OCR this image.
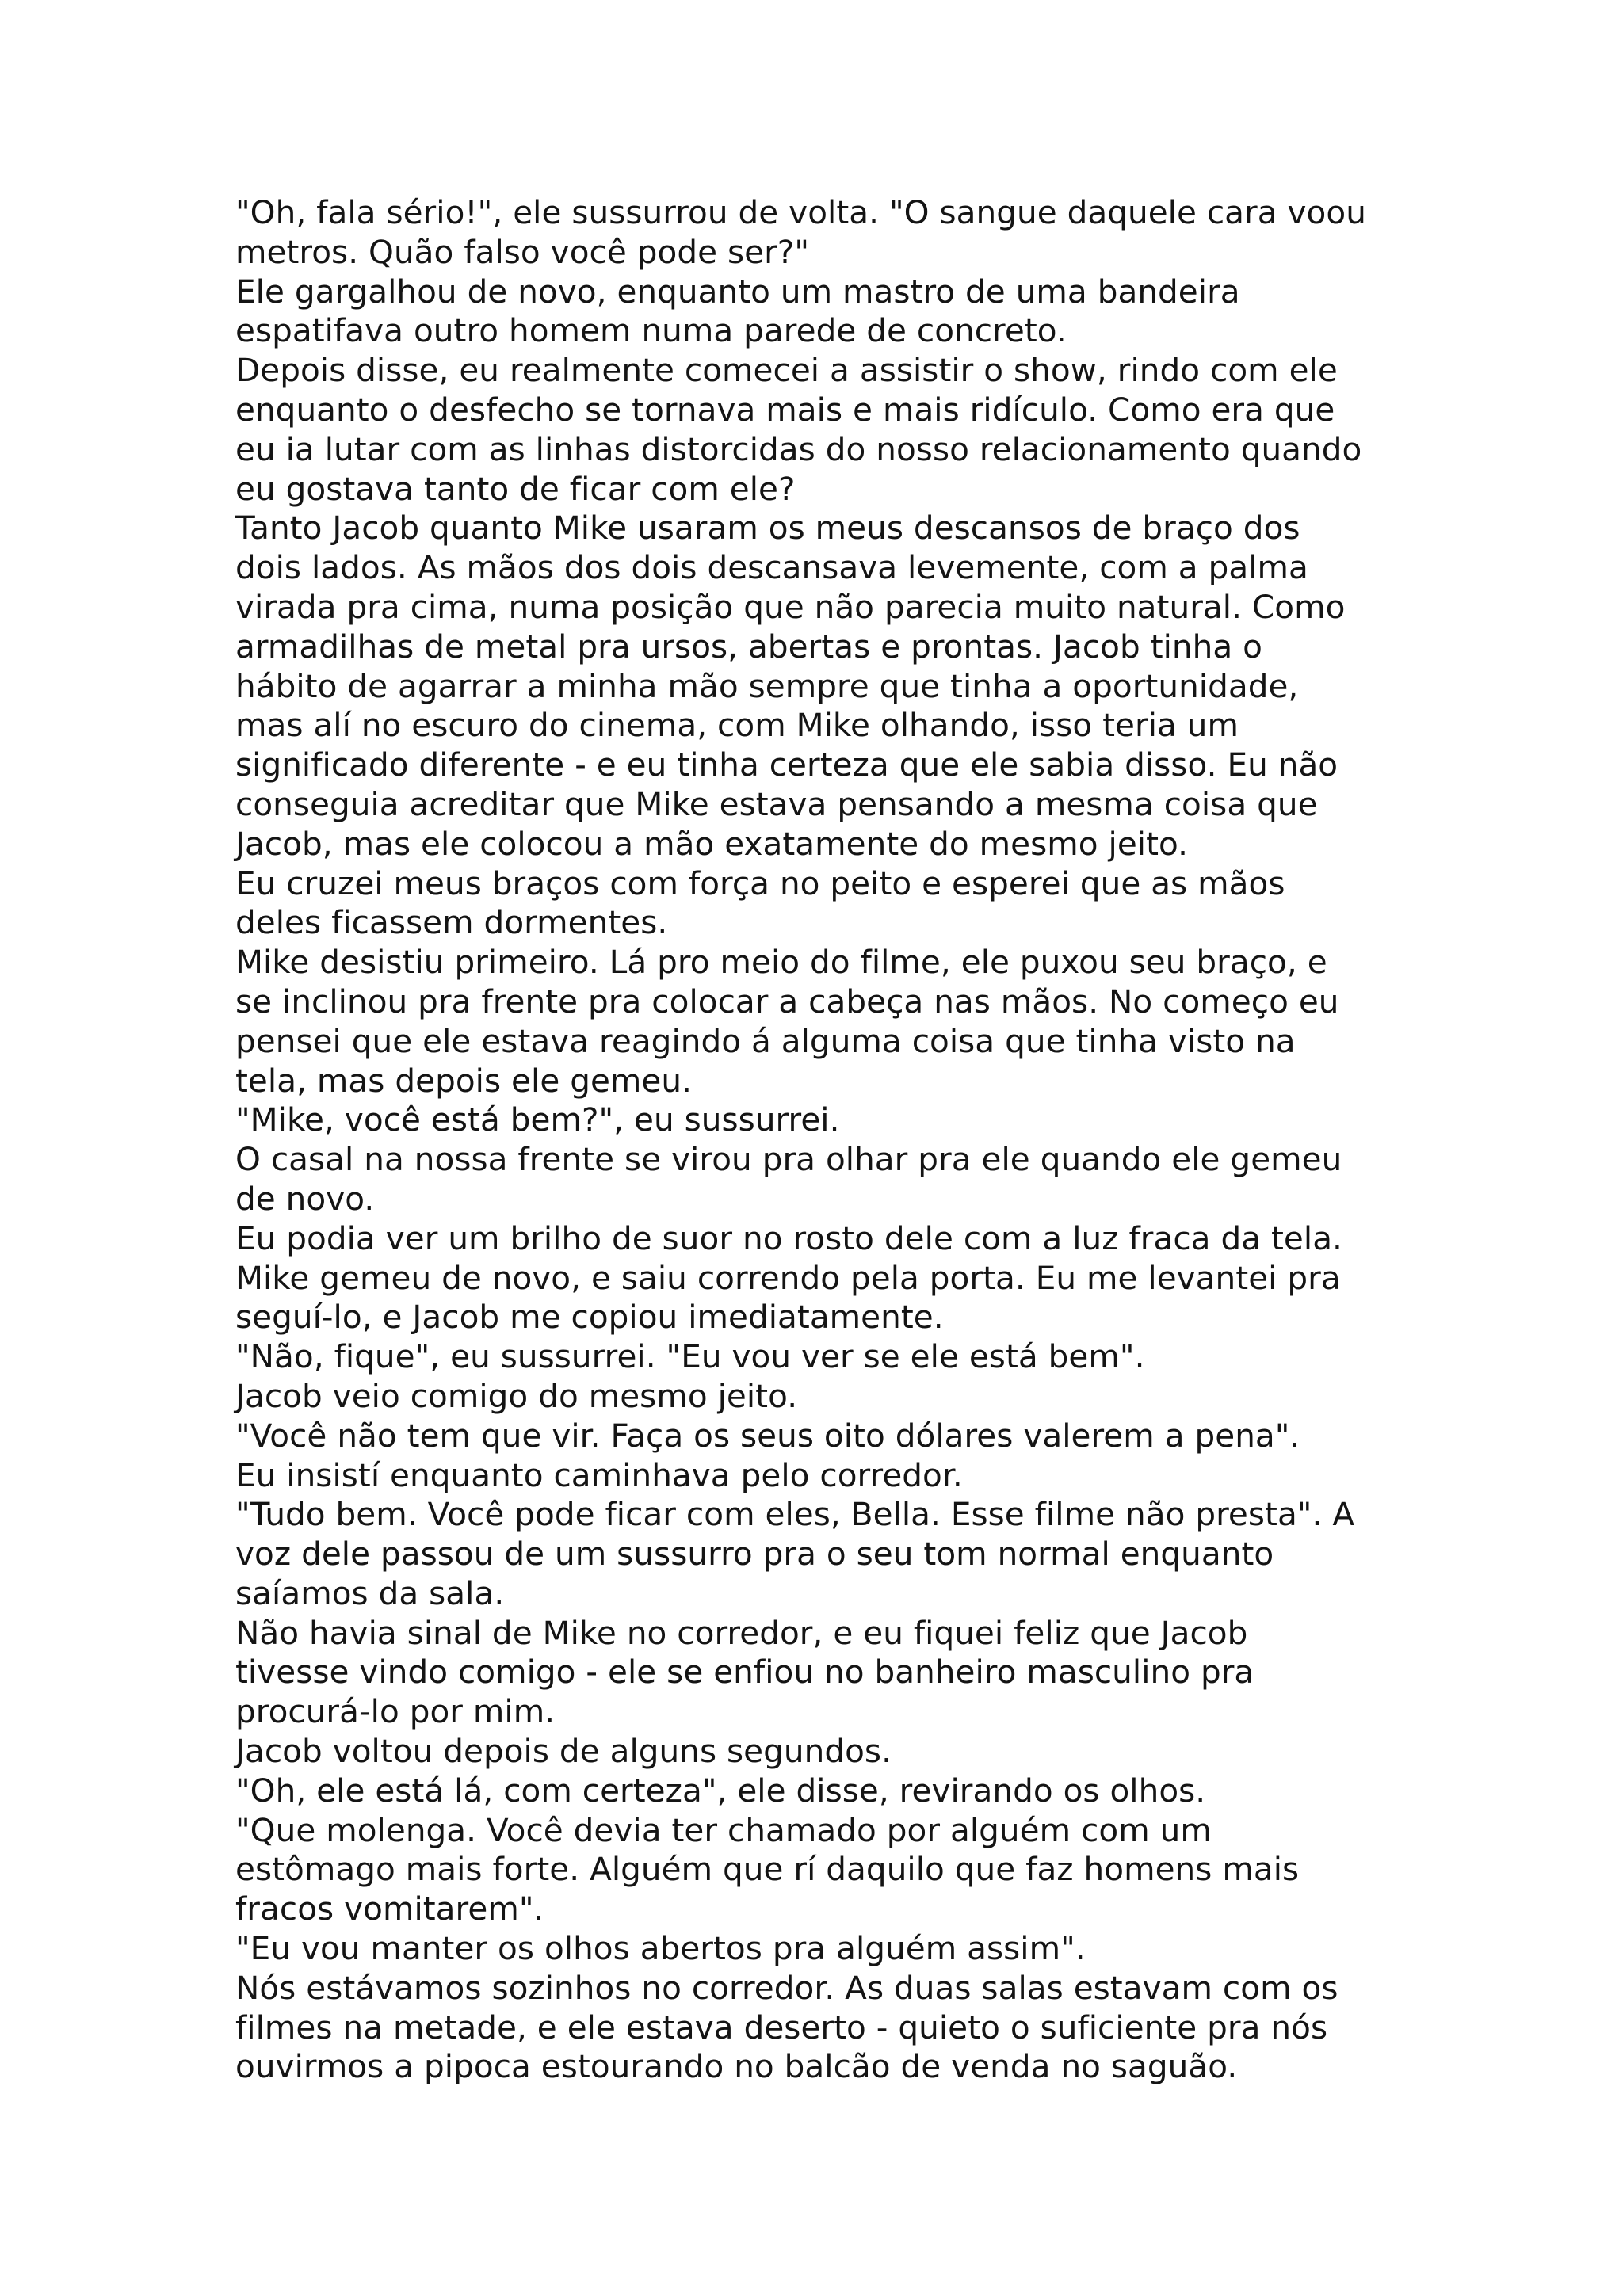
"Oh, fala sério!", ele sussurrou de volta. "O sangue daquele cara voou
metros. Quão falso você pode ser?"
Ele gargalhou de novo, enquanto um mastro de uma bandeira
espatifava outro homem numa parede de concreto.
Depois disse, eu realmente comecei a assistir o show, rindo com ele
enquanto o desfecho se tornava mais e mais ridículo. Como era que
eu ia lutar com as linhas distorcidas do nosso relacionamento quando
eu gostava tanto de ficar com ele?
Tanto Jacob quanto Mike usaram os meus descansos de braço dos
dois lados. As mãos dos dois descansava levemente, com a palma
virada pra cima, numa posição que não parecia muito natural. Como
armadilhas de metal pra ursos, abertas e prontas. Jacob tinha o
hábito de agarrar a minha mão sempre que tinha a oportunidade,
mas alí no escuro do cinema, com Mike olhando, isso teria um
significado diferente - e eu tinha certeza que ele sabia disso. Eu não
conseguia acreditar que Mike estava pensando a mesma coisa que
Jacob, mas ele colocou a mão exatamente do mesmo jeito.
Eu cruzei meus braços com força no peito e esperei que as mãos
deles ficassem dormentes.
Mike desistiu primeiro. Lá pro meio do filme, ele puxou seu braço, e
se inclinou pra frente pra colocar a cabeça nas mãos. No começo eu
pensei que ele estava reagindo á alguma coisa que tinha visto na
tela, mas depois ele gemeu.
"Mike, você está bem?", eu sussurrei.
O casal na nossa frente se virou pra olhar pra ele quando ele gemeu
de novo.
Eu podia ver um brilho de suor no rosto dele com a luz fraca da tela.
Mike gemeu de novo, e saiu correndo pela porta. Eu me levantei pra
seguí-lo, e Jacob me copiou imediatamente.
"Não, fique", eu sussurrei. "Eu vou ver se ele está bem".
Jacob veio comigo do mesmo jeito.
"Você não tem que vir. Faça os seus oito dólares valerem a pena".
Eu insistí enquanto caminhava pelo corredor.
"Tudo bem. Você pode ficar com eles, Bella. Esse filme não presta". A
voz dele passou de um sussurro pra o seu tom normal enquanto
saíamos da sala.
Não havia sinal de Mike no corredor, e eu fiquei feliz que Jacob
tivesse vindo comigo - ele se enfiou no banheiro masculino pra
procurá-lo por mim.
Jacob voltou depois de alguns segundos.
"Oh, ele está lá, com certeza", ele disse, revirando os olhos.
"Que molenga. Você devia ter chamado por alguém com um
estômago mais forte. Alguém que rí daquilo que faz homens mais
fracos vomitarem".
"Eu vou manter os olhos abertos pra alguém assim".
Nós estávamos sozinhos no corredor. As duas salas estavam com os
filmes na metade, e ele estava deserto - quieto o suficiente pra nós
ouvirmos a pipoca estourando no balcão de venda no saguão.
